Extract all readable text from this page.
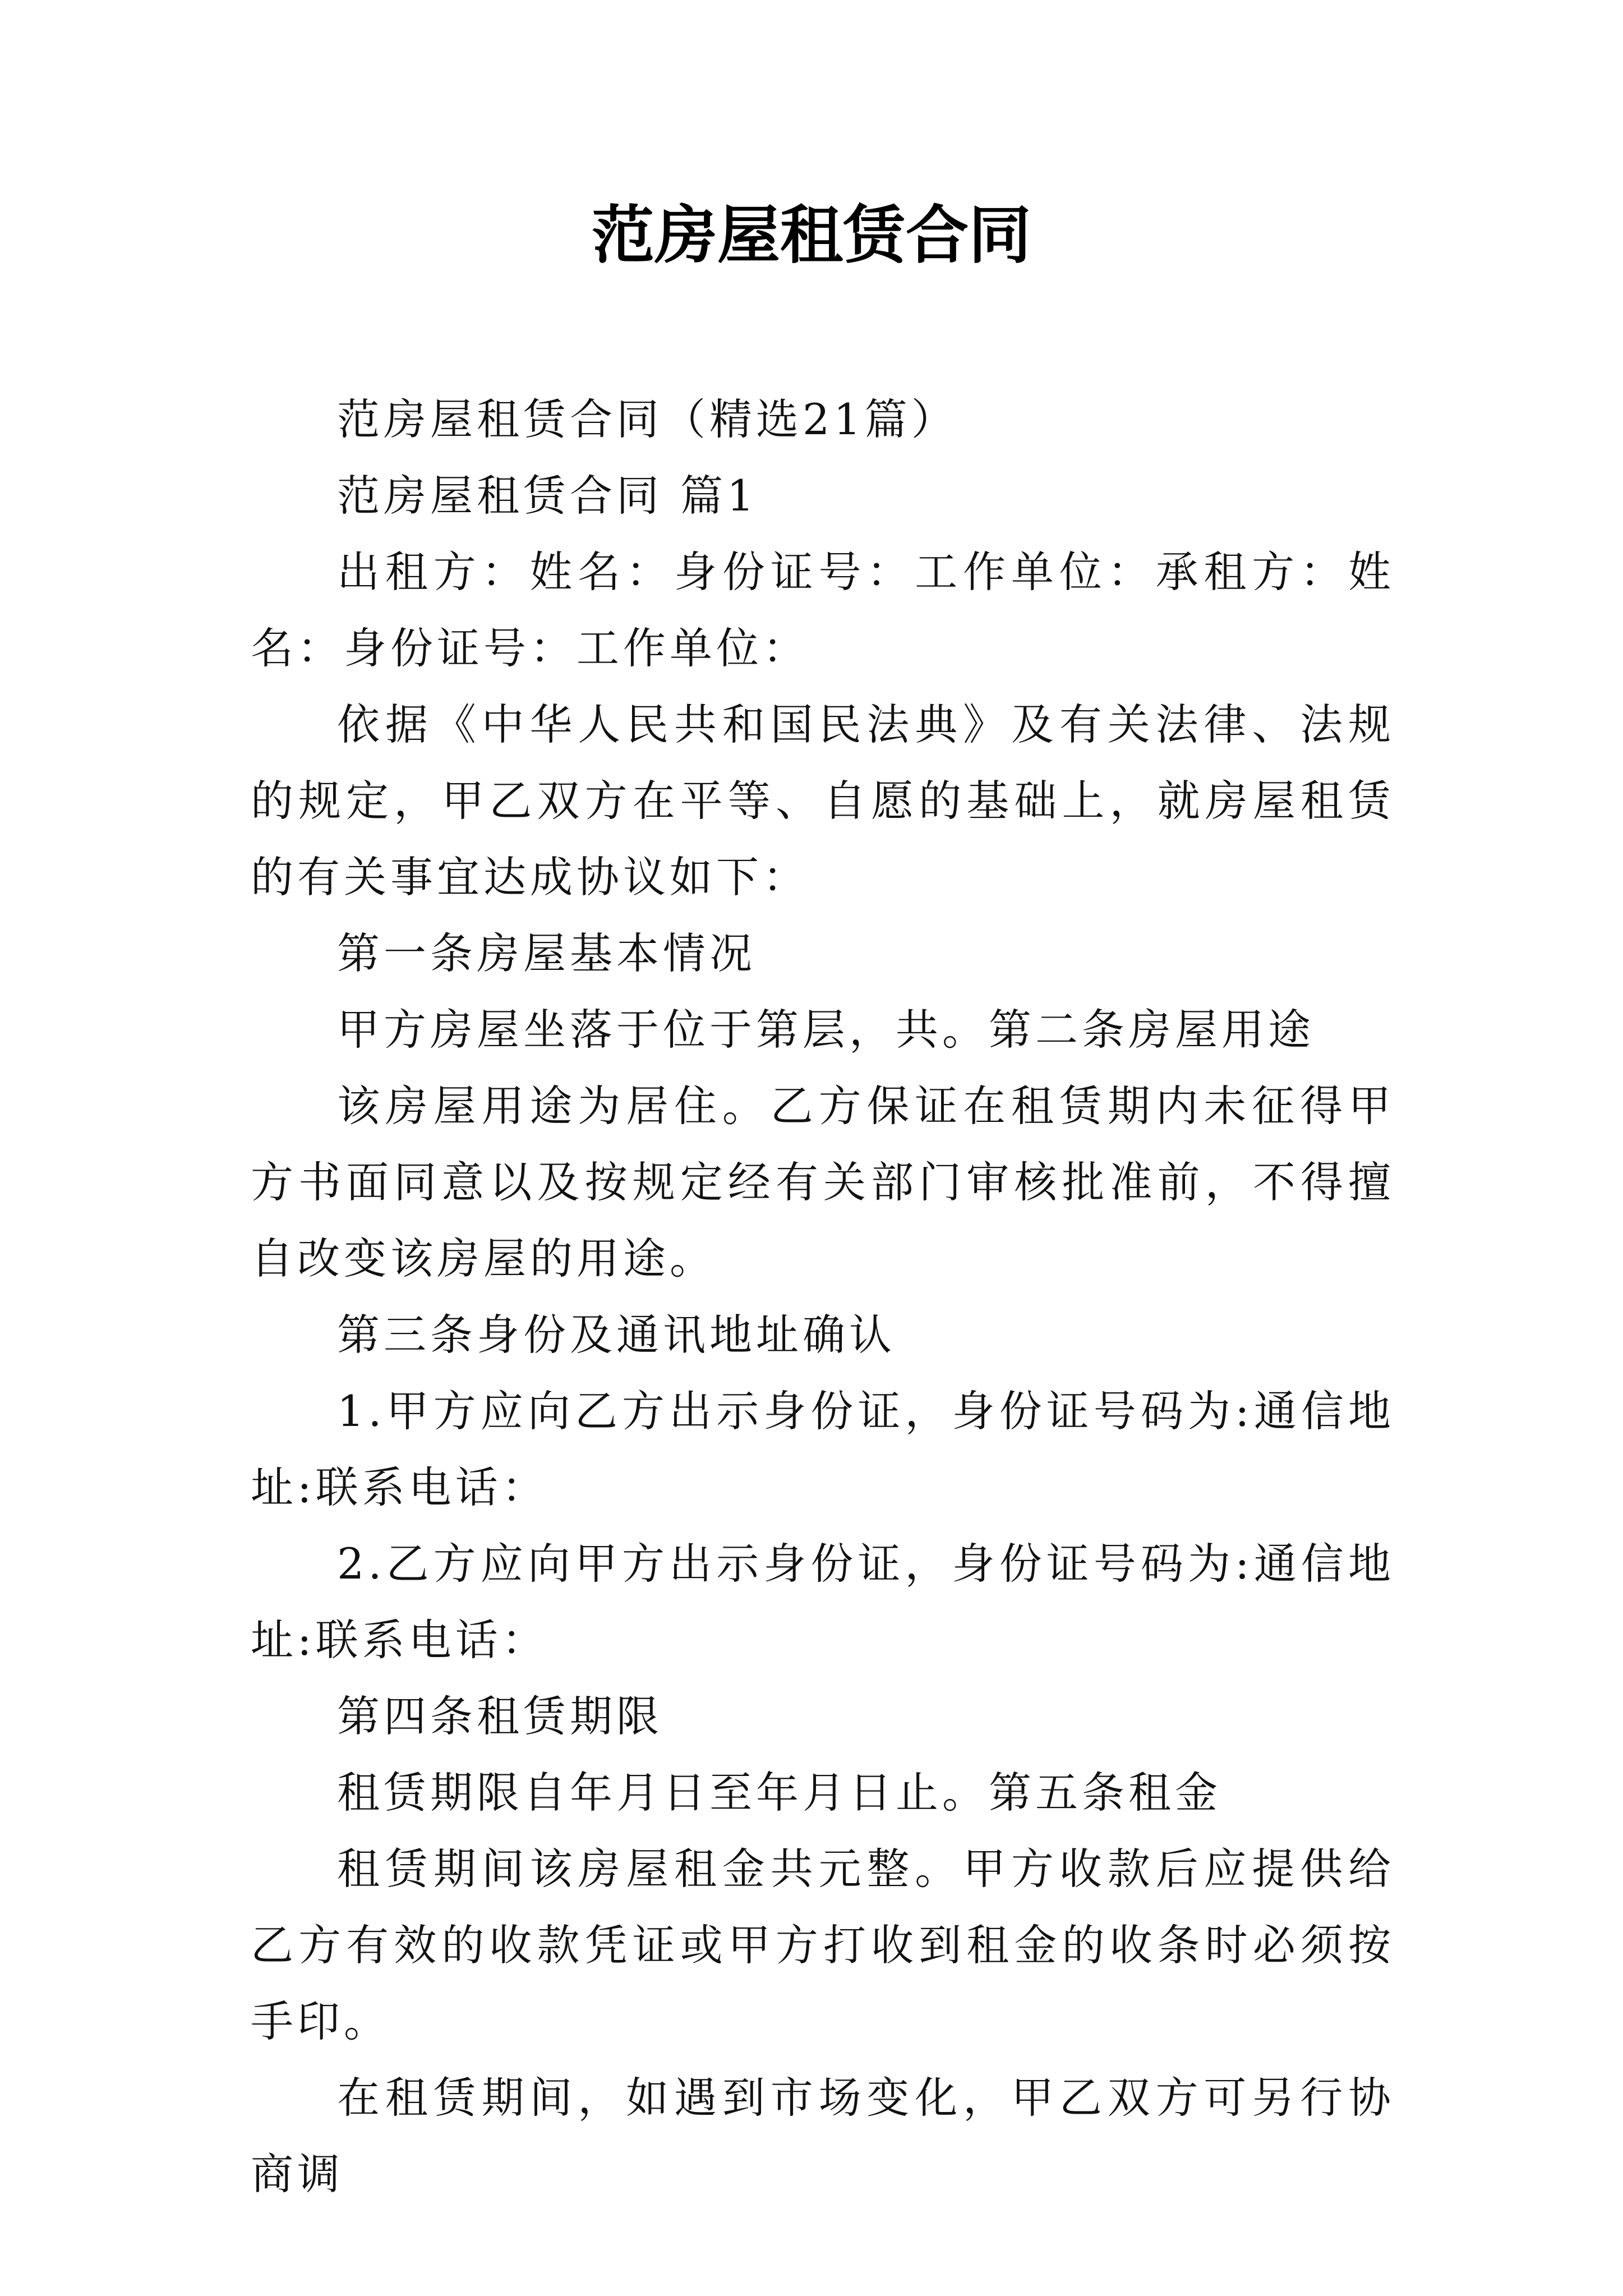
范房屋租赁合同

范房屋租赁合同（精选21篇）

范房屋租赁合同 篇1

出租方：姓名：身份证号：工作单位：承租方：姓名：身份证号：工作单位：

依据《中华人民共和国民法典》及有关法律、法规的规定，甲乙双方在平等、自愿的基础上，就房屋租赁的有关事宜达成协议如下：

第一条房屋基本情况

甲方房屋坐落于位于第层，共。第二条房屋用途

该房屋用途为居住。乙方保证在租赁期内未征得甲方书面同意以及按规定经有关部门审核批准前，不得擅自改变该房屋的用途。

第三条身份及通讯地址确认

1.甲方应向乙方出示身份证，身份证号码为:通信地址:联系电话：

2.乙方应向甲方出示身份证，身份证号码为:通信地址:联系电话：

第四条租赁期限

租赁期限自年月日至年月日止。第五条租金

租赁期间该房屋租金共元整。甲方收款后应提供给乙方有效的收款凭证或甲方打收到租金的收条时必须按手印。

在租赁期间，如遇到市场变化，甲乙双方可另行协商调
